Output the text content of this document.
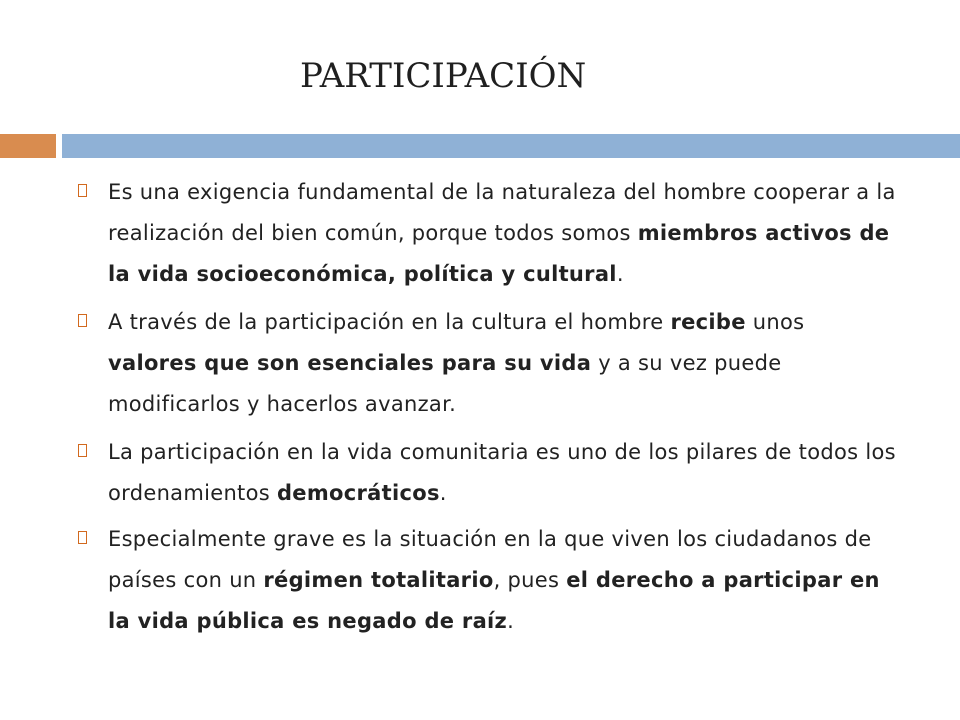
PARTICIPACIÓN
Es una exigencia fundamental de la naturaleza del hombre cooperar a la realización del bien común, porque todos somos miembros activos de la vida socioeconómica, política y cultural.
A través de la participación en la cultura el hombre recibe unos valores que son esenciales para su vida y a su vez puede modificarlos y hacerlos avanzar.
La participación en la vida comunitaria es uno de los pilares de todos los ordenamientos democráticos.
Especialmente grave es la situación en la que viven los ciudadanos de países con un régimen totalitario, pues el derecho a participar en la vida pública es negado de raíz.
